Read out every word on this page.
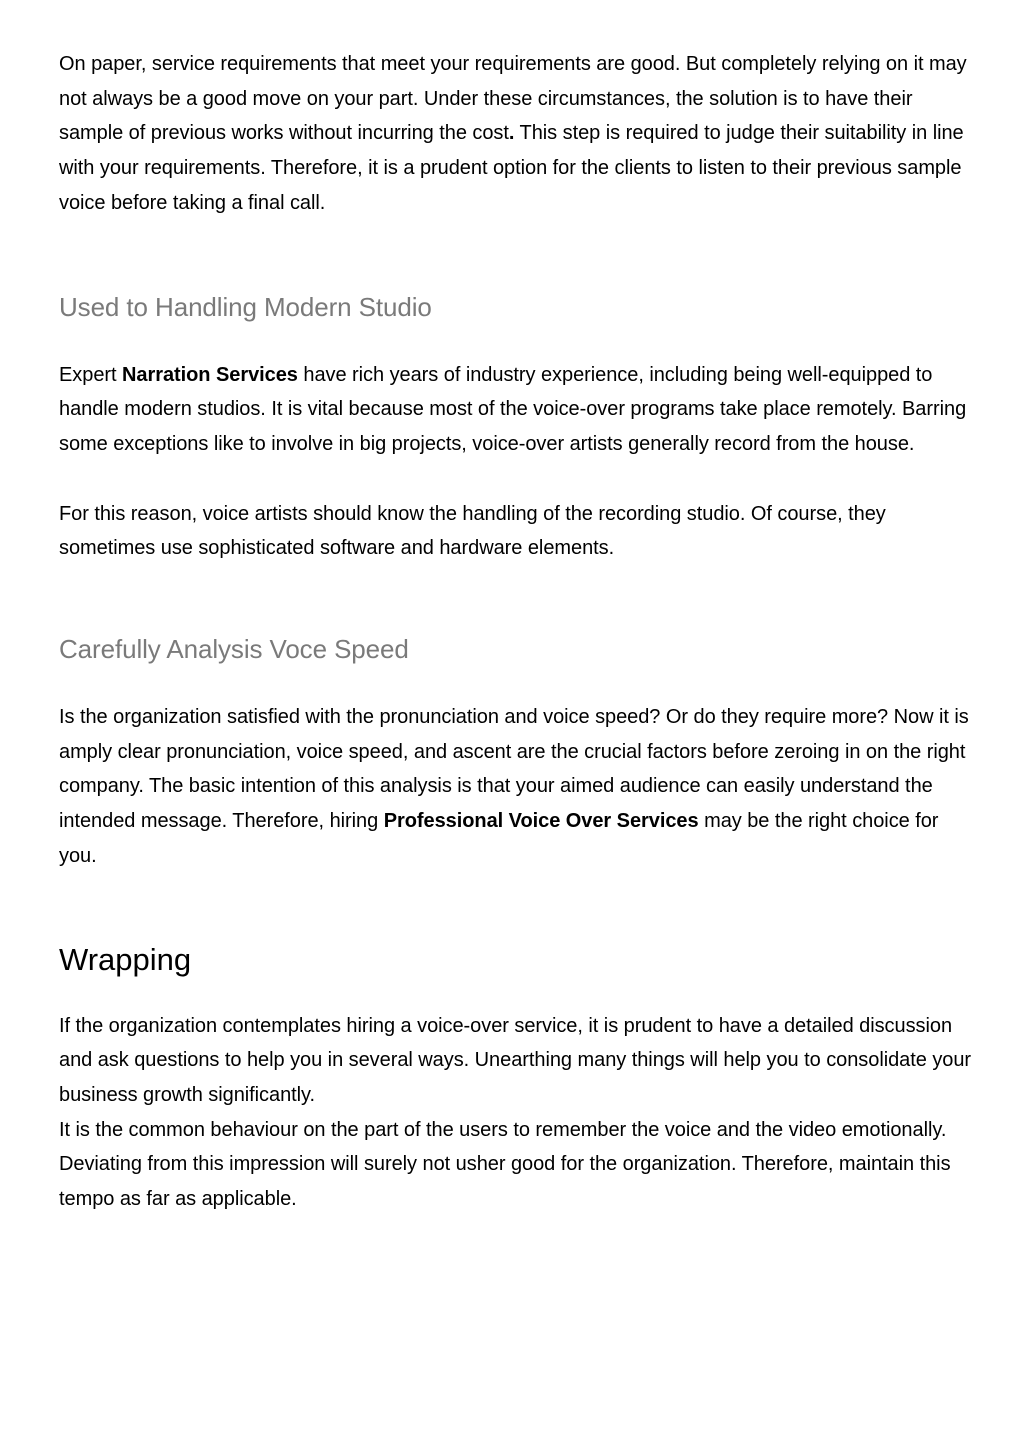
On paper, service requirements that meet your requirements are good. But completely relying on it may not always be a good move on your part. Under these circumstances, the solution is to have their sample of previous works without incurring the cost. This step is required to judge their suitability in line with your requirements. Therefore, it is a prudent option for the clients to listen to their previous sample voice before taking a final call.

Used to Handling Modern Studio

Expert Narration Services have rich years of industry experience, including being well-equipped to handle modern studios. It is vital because most of the voice-over programs take place remotely. Barring some exceptions like to involve in big projects, voice-over artists generally record from the house.

For this reason, voice artists should know the handling of the recording studio. Of course, they sometimes use sophisticated software and hardware elements.

Carefully Analysis Voce Speed

Is the organization satisfied with the pronunciation and voice speed? Or do they require more? Now it is amply clear pronunciation, voice speed, and ascent are the crucial factors before zeroing in on the right company. The basic intention of this analysis is that your aimed audience can easily understand the intended message. Therefore, hiring Professional Voice Over Services may be the right choice for you.

Wrapping

If the organization contemplates hiring a voice-over service, it is prudent to have a detailed discussion and ask questions to help you in several ways. Unearthing many things will help you to consolidate your business growth significantly.
It is the common behaviour on the part of the users to remember the voice and the video emotionally. Deviating from this impression will surely not usher good for the organization. Therefore, maintain this tempo as far as applicable.
